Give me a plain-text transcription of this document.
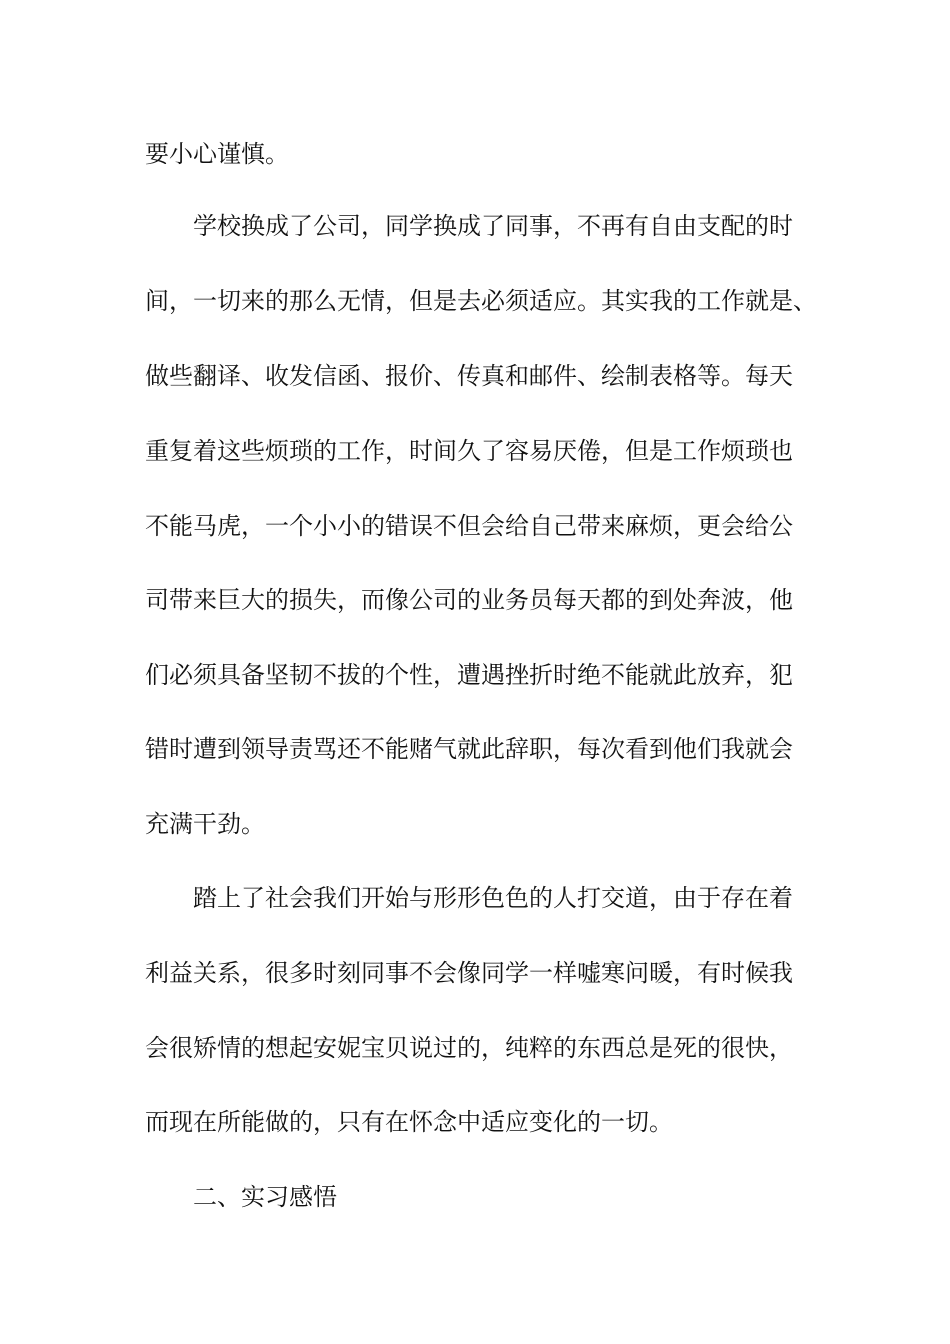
要小心谨慎。
学校换成了公司，同学换成了同事，不再有自由支配的时
间，一切来的那么无情，但是去必须适应。其实我的工作就是、
做些翻译、收发信函、报价、传真和邮件、绘制表格等。每天
重复着这些烦琐的工作，时间久了容易厌倦，但是工作烦琐也
不能马虎，一个小小的错误不但会给自己带来麻烦，更会给公
司带来巨大的损失，而像公司的业务员每天都的到处奔波，他
们必须具备坚韧不拔的个性，遭遇挫折时绝不能就此放弃，犯
错时遭到领导责骂还不能赌气就此辞职，每次看到他们我就会
充满干劲。
踏上了社会我们开始与形形色色的人打交道，由于存在着
利益关系，很多时刻同事不会像同学一样嘘寒问暖，有时候我
会很矫情的想起安妮宝贝说过的，纯粹的东西总是死的很快，
而现在所能做的，只有在怀念中适应变化的一切。
二、实习感悟
